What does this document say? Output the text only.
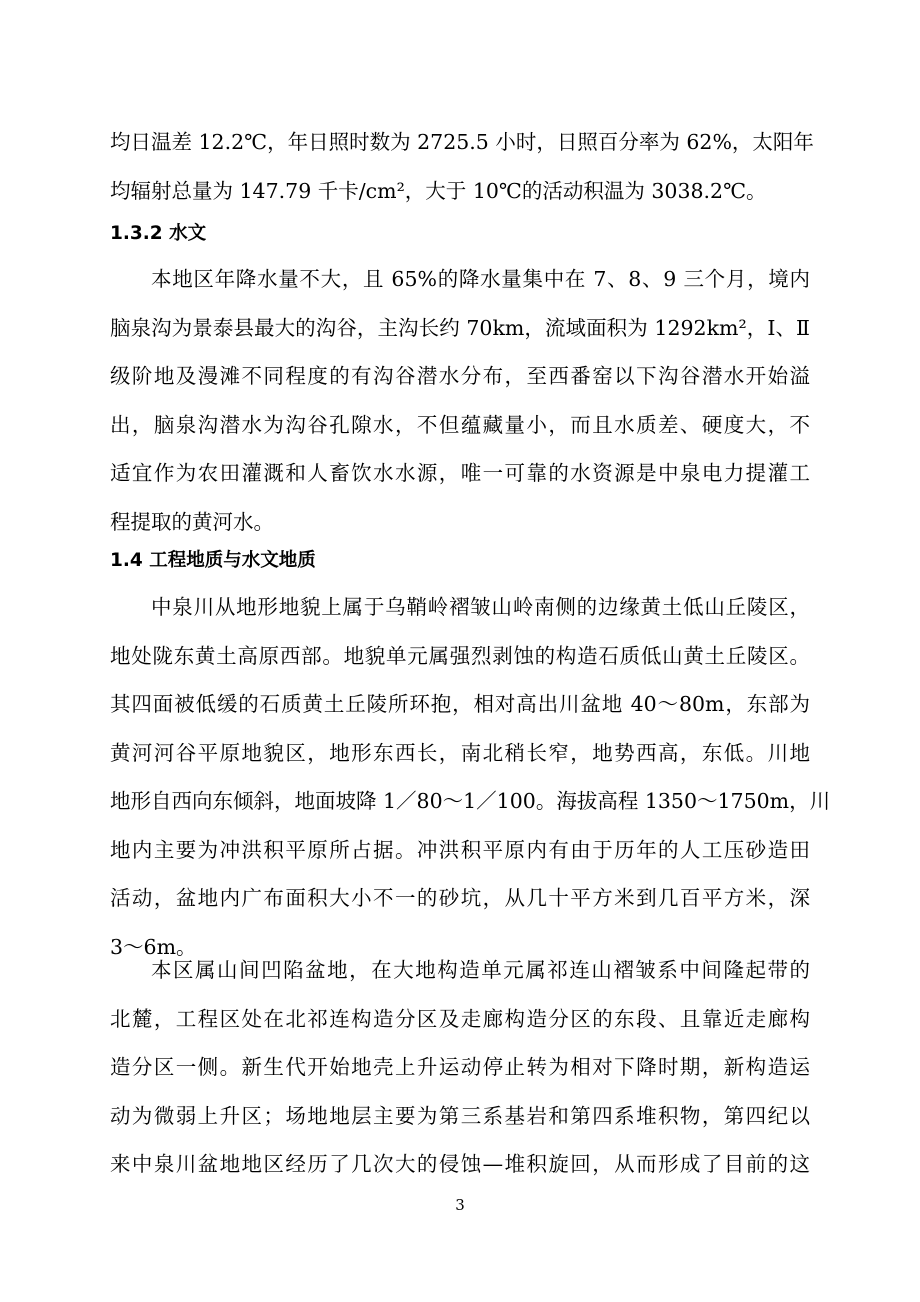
均日温差 12.2℃，年日照时数为 2725.5 小时，日照百分率为 62%，太阳年
均辐射总量为 147.79 千卡/cm²，大于 10℃的活动积温为 3038.2℃。
1.3.2 水文
本地区年降水量不大，且 65%的降水量集中在 7、8、9 三个月，境内
脑泉沟为景泰县最大的沟谷，主沟长约 70km，流域面积为 1292km²，Ⅰ、Ⅱ
级阶地及漫滩不同程度的有沟谷潜水分布，至西番窑以下沟谷潜水开始溢
出，脑泉沟潜水为沟谷孔隙水，不但蕴藏量小，而且水质差、硬度大，不
适宜作为农田灌溉和人畜饮水水源，唯一可靠的水资源是中泉电力提灌工
程提取的黄河水。
1.4 工程地质与水文地质
中泉川从地形地貌上属于乌鞘岭褶皱山岭南侧的边缘黄土低山丘陵区，
地处陇东黄土高原西部。地貌单元属强烈剥蚀的构造石质低山黄土丘陵区。
其四面被低缓的石质黄土丘陵所环抱，相对高出川盆地 40～80m，东部为
黄河河谷平原地貌区，地形东西长，南北稍长窄，地势西高，东低。川地
地形自西向东倾斜，地面坡降 1／80～1／100。海拔高程 1350～1750m，川
地内主要为冲洪积平原所占据。冲洪积平原内有由于历年的人工压砂造田
活动，盆地内广布面积大小不一的砂坑，从几十平方米到几百平方米，深
3～6m。
本区属山间凹陷盆地，在大地构造单元属祁连山褶皱系中间隆起带的
北麓，工程区处在北祁连构造分区及走廊构造分区的东段、且靠近走廊构
造分区一侧。新生代开始地壳上升运动停止转为相对下降时期，新构造运
动为微弱上升区；场地地层主要为第三系基岩和第四系堆积物，第四纪以
来中泉川盆地地区经历了几次大的侵蚀—堆积旋回，从而形成了目前的这
3
